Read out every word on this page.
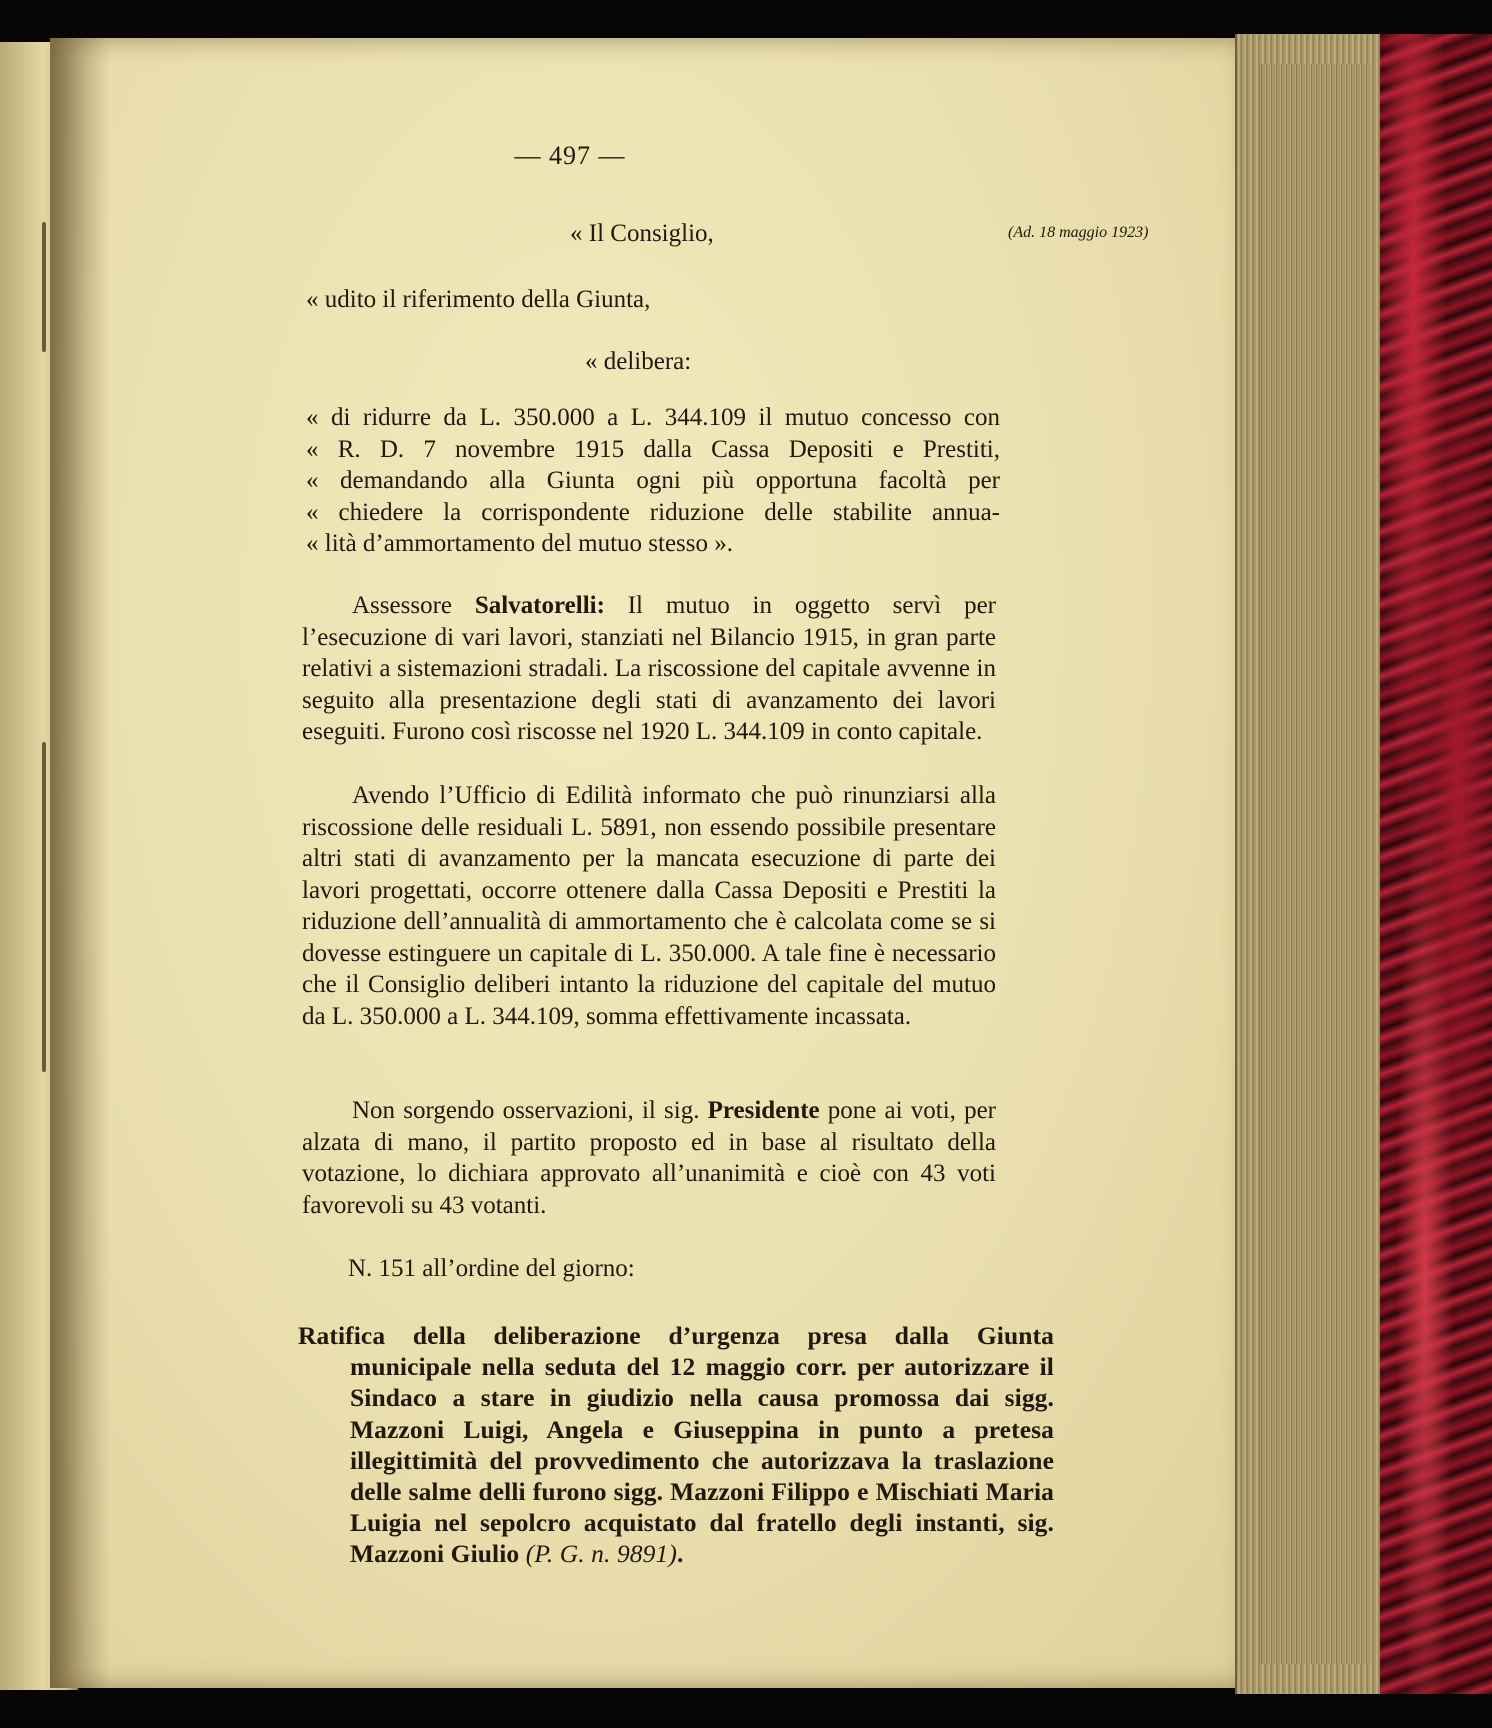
(Ad. 18 maggio 1923)
— 497 —
« Il Consiglio,
« udito il riferimento della Giunta,
« delibera:
« di ridurre da L. 350.000 a L. 344.109 il mutuo concesso con
« R. D. 7 novembre 1915 dalla Cassa Depositi e Prestiti,
« demandando alla Giunta ogni più opportuna facoltà per
« chiedere la corrispondente riduzione delle stabilite annua-
« lità d’ammortamento del mutuo stesso ».
Assessore Salvatorelli: Il mutuo in oggetto servì per l’esecuzione di vari lavori, stanziati nel Bilancio 1915, in gran parte relativi a sistemazioni stradali. La riscossione del capitale avvenne in seguito alla presentazione degli stati di avanzamento dei lavori eseguiti. Furono così riscosse nel 1920 L. 344.109 in conto capitale.
Avendo l’Ufficio di Edilità informato che può rinunziarsi alla riscossione delle residuali L. 5891, non essendo possibile presentare altri stati di avanzamento per la mancata esecuzione di parte dei lavori progettati, occorre ottenere dalla Cassa Depositi e Prestiti la riduzione dell’annualità di ammortamento che è calcolata come se si dovesse estinguere un capitale di L. 350.000. A tale fine è necessario che il Consiglio deliberi intanto la riduzione del capitale del mutuo da L. 350.000 a L. 344.109, somma effettivamente incassata.
Non sorgendo osservazioni, il sig. Presidente pone ai voti, per alzata di mano, il partito proposto ed in base al risultato della votazione, lo dichiara approvato all’unanimità e cioè con 43 voti favorevoli su 43 votanti.
N. 151 all’ordine del giorno:
Ratifica della deliberazione d’urgenza presa dalla Giunta municipale nella seduta del 12 maggio corr. per autorizzare il Sindaco a stare in giudizio nella causa promossa dai sigg. Mazzoni Luigi, Angela e Giuseppina in punto a pretesa illegittimità del provvedimento che autorizzava la traslazione delle salme delli furono sigg. Mazzoni Filippo e Mischiati Maria Luigia nel sepolcro acquistato dal fratello degli instanti, sig. Mazzoni Giulio (P. G. n. 9891).
